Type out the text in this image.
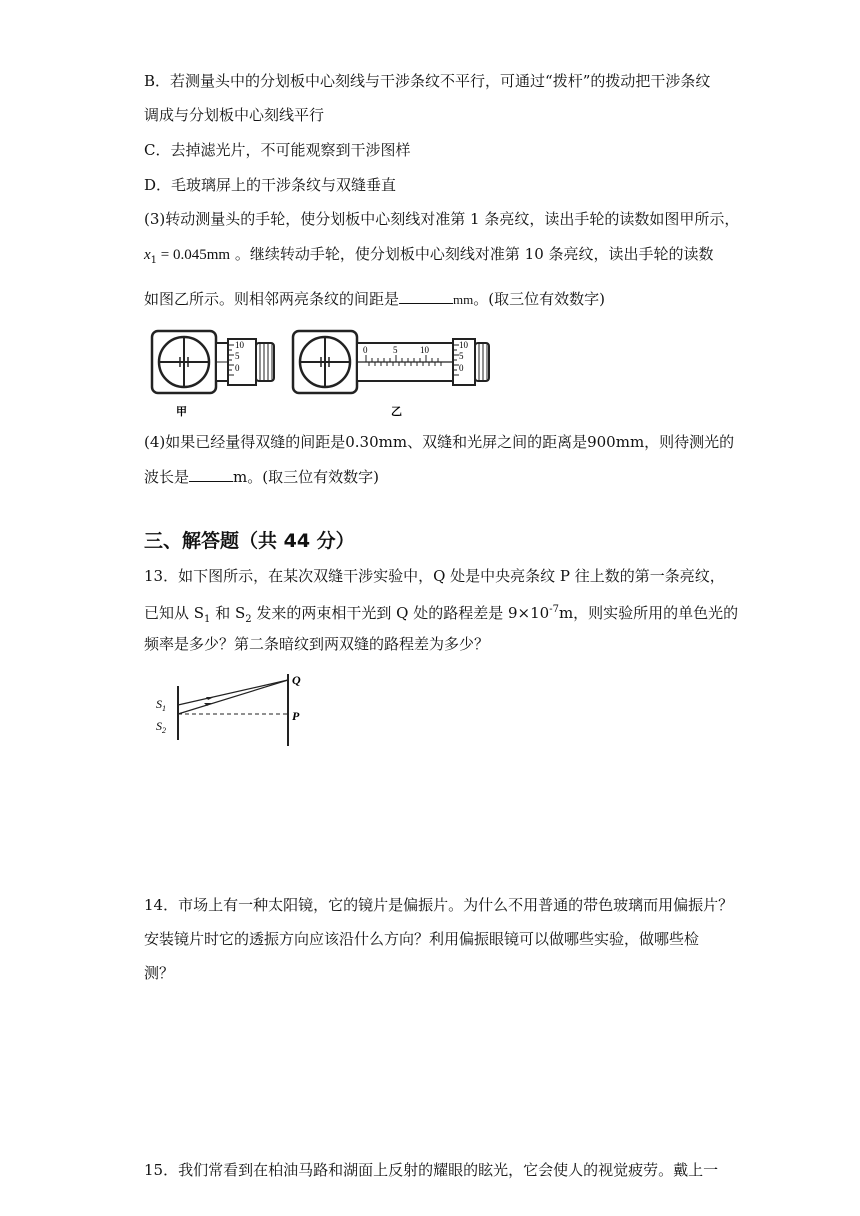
B．若测量头中的分划板中心刻线与干涉条纹不平行，可通过“拨杆”的拨动把干涉条纹
调成与分划板中心刻线平行
C．去掉滤光片，不可能观察到干涉图样
D．毛玻璃屏上的干涉条纹与双缝垂直
(3)转动测量头的手轮，使分划板中心刻线对准第 1 条亮纹，读出手轮的读数如图甲所示，
$x_1 = 0.045mm$ 。继续转动手轮，使分划板中心刻线对准第 10 条亮纹，读出手轮的读数
如图乙所示。则相邻两亮条纹的间距是	mm。(取三位有效数字)
10
5
0
甲
0	5	10	10
5
0
乙
(4)如果已经量得双缝的间距是0.30mm、双缝和光屏之间的距离是900mm，则待测光的
波长是	m。(取三位有效数字)
三、解答题（共 44 分）
13．如下图所示，在某次双缝干涉实验中，Q 处是中央亮条纹 P 往上数的第一条亮纹，
已知从 $S_1$ 和 $S_2$ 发来的两束相干光到 Q 处的路程差是 $9\times 10^{-7}m$，则实验所用的单色光的
频率是多少？第二条暗纹到两双缝的路程差为多少？
Q
P
$S_1$
$S_2$
14．市场上有一种太阳镜，它的镜片是偏振片。为什么不用普通的带色玻璃而用偏振片？
安装镜片时它的透振方向应该沿什么方向？利用偏振眼镜可以做哪些实验，做哪些检
测？
15．我们常看到在柏油马路和湖面上反射的耀眼的眩光，它会使人的视觉疲劳。戴上一
